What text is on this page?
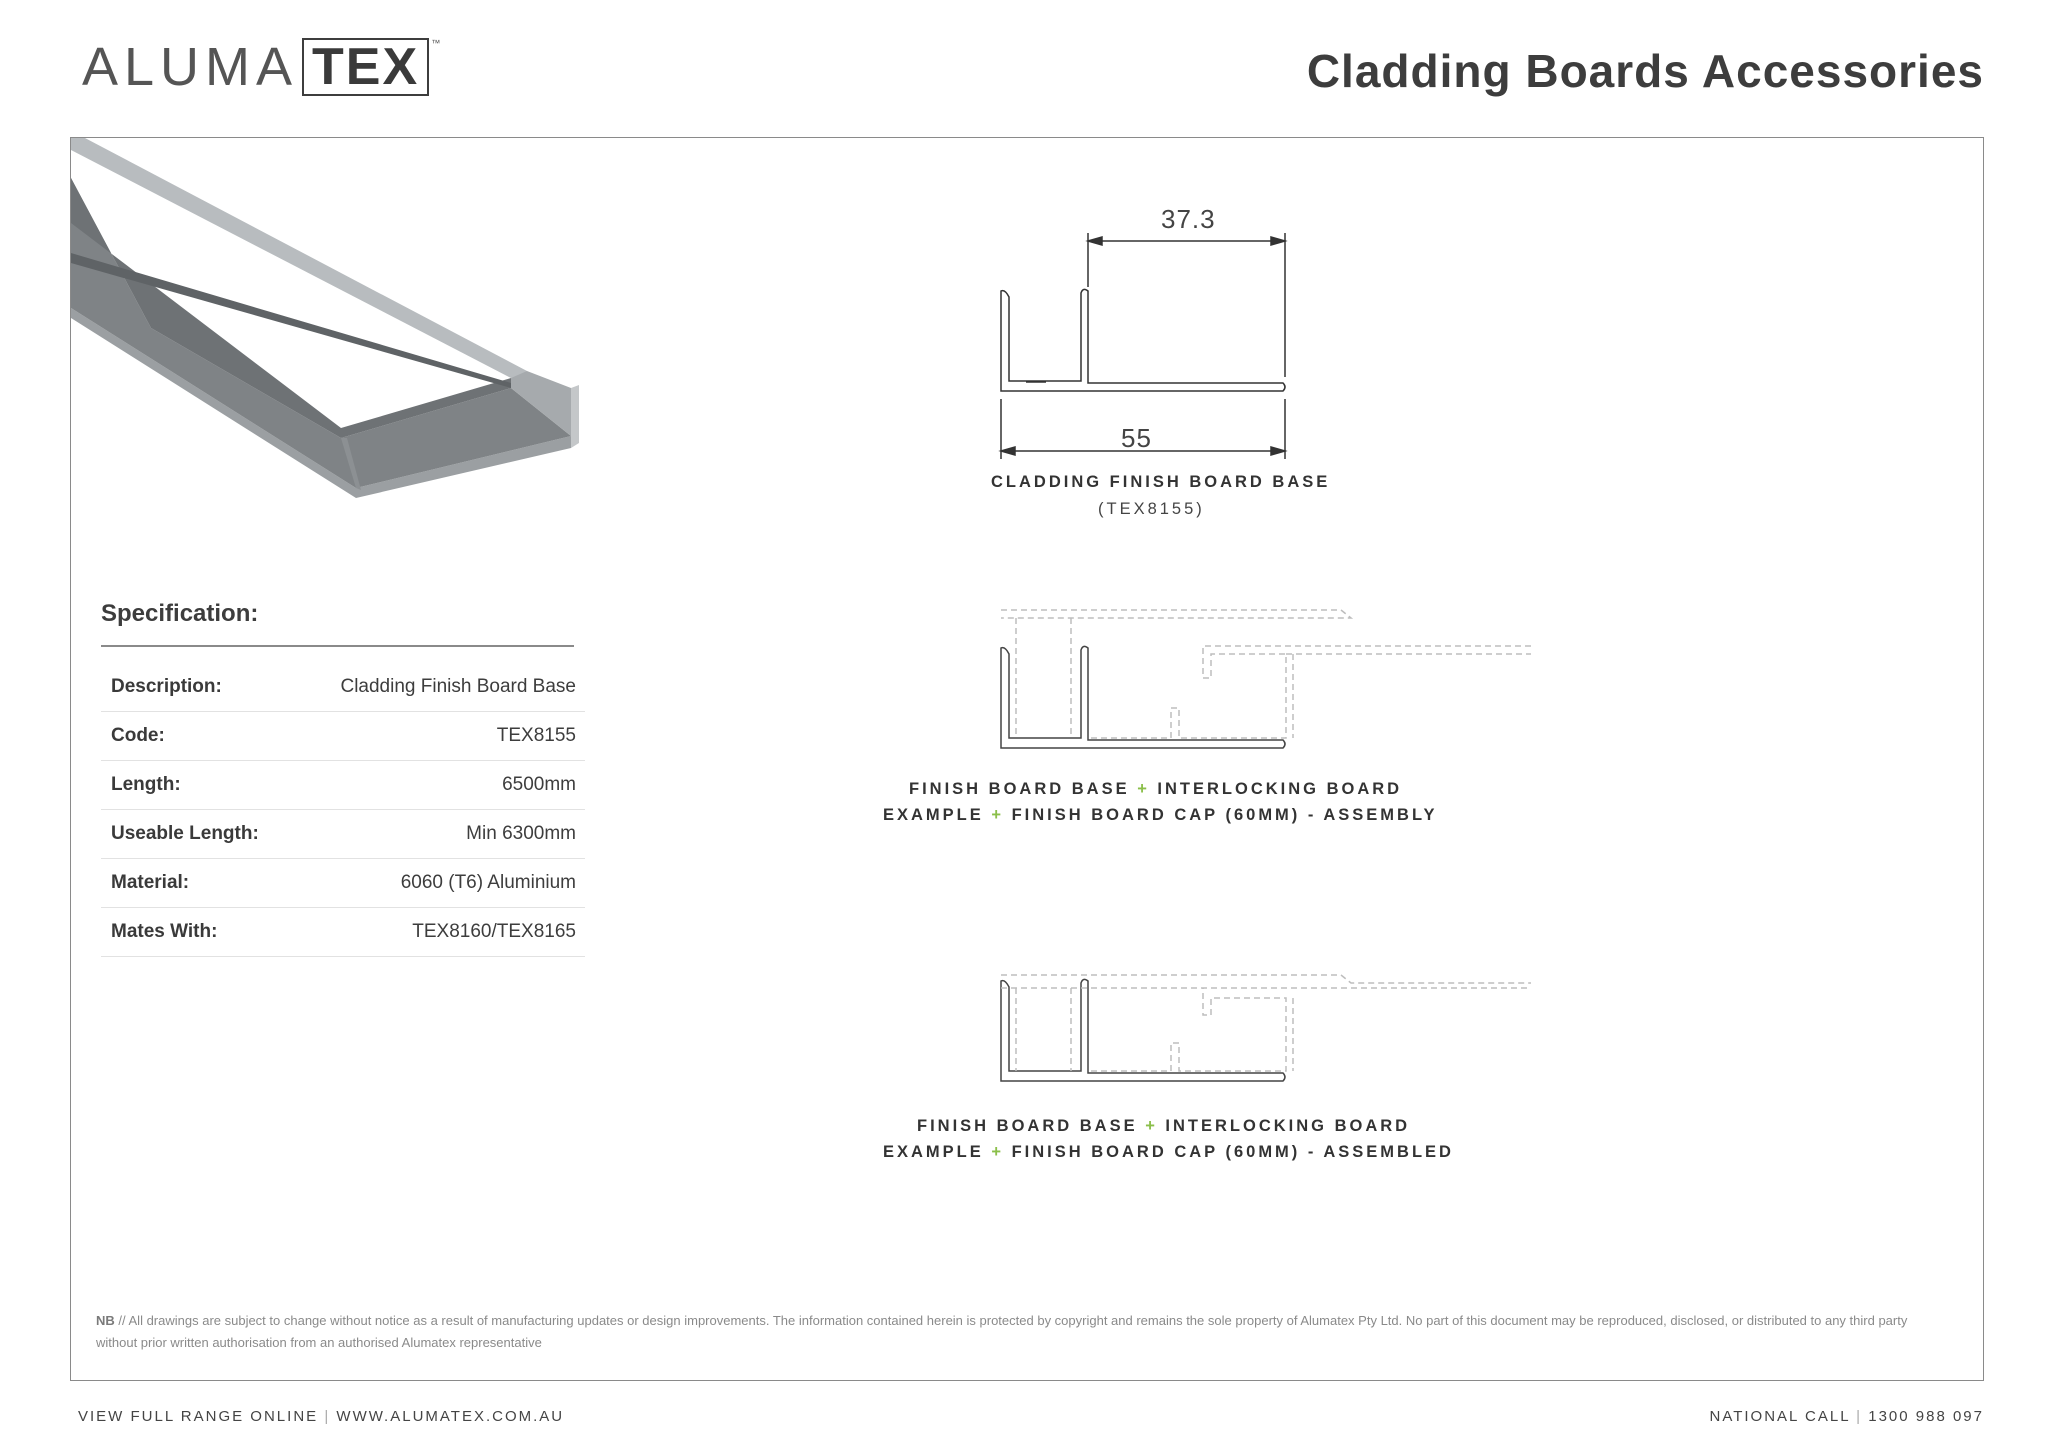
ALUMA TEX ™
Cladding Boards Accessories
37.3
55
CLADDING FINISH BOARD BASE
(TEX8155)
FINISH BOARD BASE + INTERLOCKING BOARD
EXAMPLE + FINISH BOARD CAP (60MM) - ASSEMBLY
FINISH BOARD BASE + INTERLOCKING BOARD
EXAMPLE + FINISH BOARD CAP (60MM) - ASSEMBLED
Specification:
Description:	Cladding Finish Board Base
Code:	TEX8155
Length:	6500mm
Useable Length:	Min 6300mm
Material:	6060 (T6) Aluminium
Mates With:	TEX8160/TEX8165
NB // All drawings are subject to change without notice as a result of manufacturing updates or design improvements. The information contained herein is protected by copyright and remains the sole property of Alumatex Pty Ltd. No part of this document may be reproduced, disclosed, or distributed to any third party without prior written authorisation from an authorised Alumatex representative
VIEW FULL RANGE ONLINE | WWW.ALUMATEX.COM.AU	NATIONAL CALL | 1300 988 097
